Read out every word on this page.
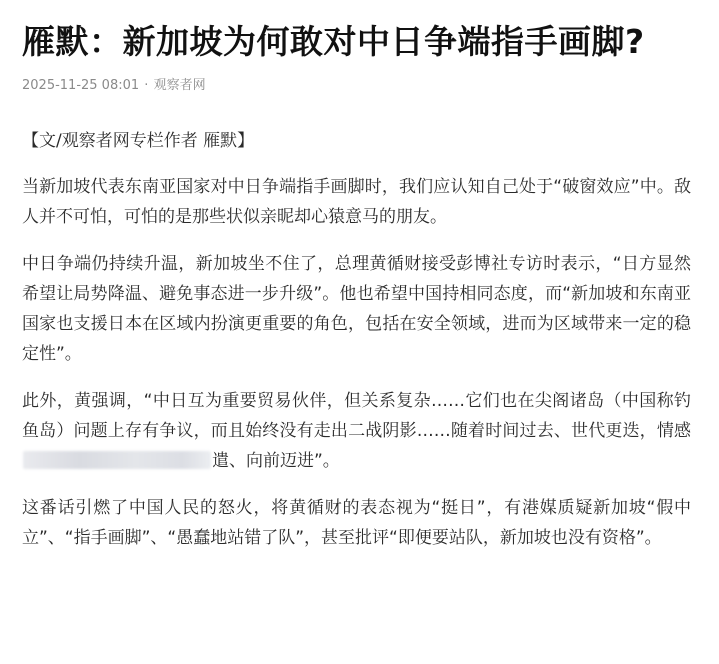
雁默：新加坡为何敢对中日争端指手画脚?
2025-11-25 08:01 · 观察者网

【文/观察者网专栏作者 雁默】

当新加坡代表东南亚国家对中日争端指手画脚时，我们应认知自己处于“破窗效应”中。敌人并不可怕，可怕的是那些状似亲昵却心猿意马的朋友。

中日争端仍持续升温，新加坡坐不住了，总理黄循财接受彭博社专访时表示，“日方显然希望让局势降温、避免事态进一步升级”。他也希望中国持相同态度，而“新加坡和东南亚国家也支援日本在区域内扮演更重要的角色，包括在安全领域，进而为区域带来一定的稳定性”。

此外，黄强调，“中日互为重要贸易伙伴，但关系复杂……它们也在尖阁诸岛（中国称钓鱼岛）问题上存有争议，而且始终没有走出二战阴影……随着时间过去、世代更迭，情感遣、向前迈进”。

这番话引燃了中国人民的怒火，将黄循财的表态视为“挺日”，有港媒质疑新加坡“假中立”、“指手画脚”、“愚蠢地站错了队”，甚至批评“即便要站队，新加坡也没有资格”。
